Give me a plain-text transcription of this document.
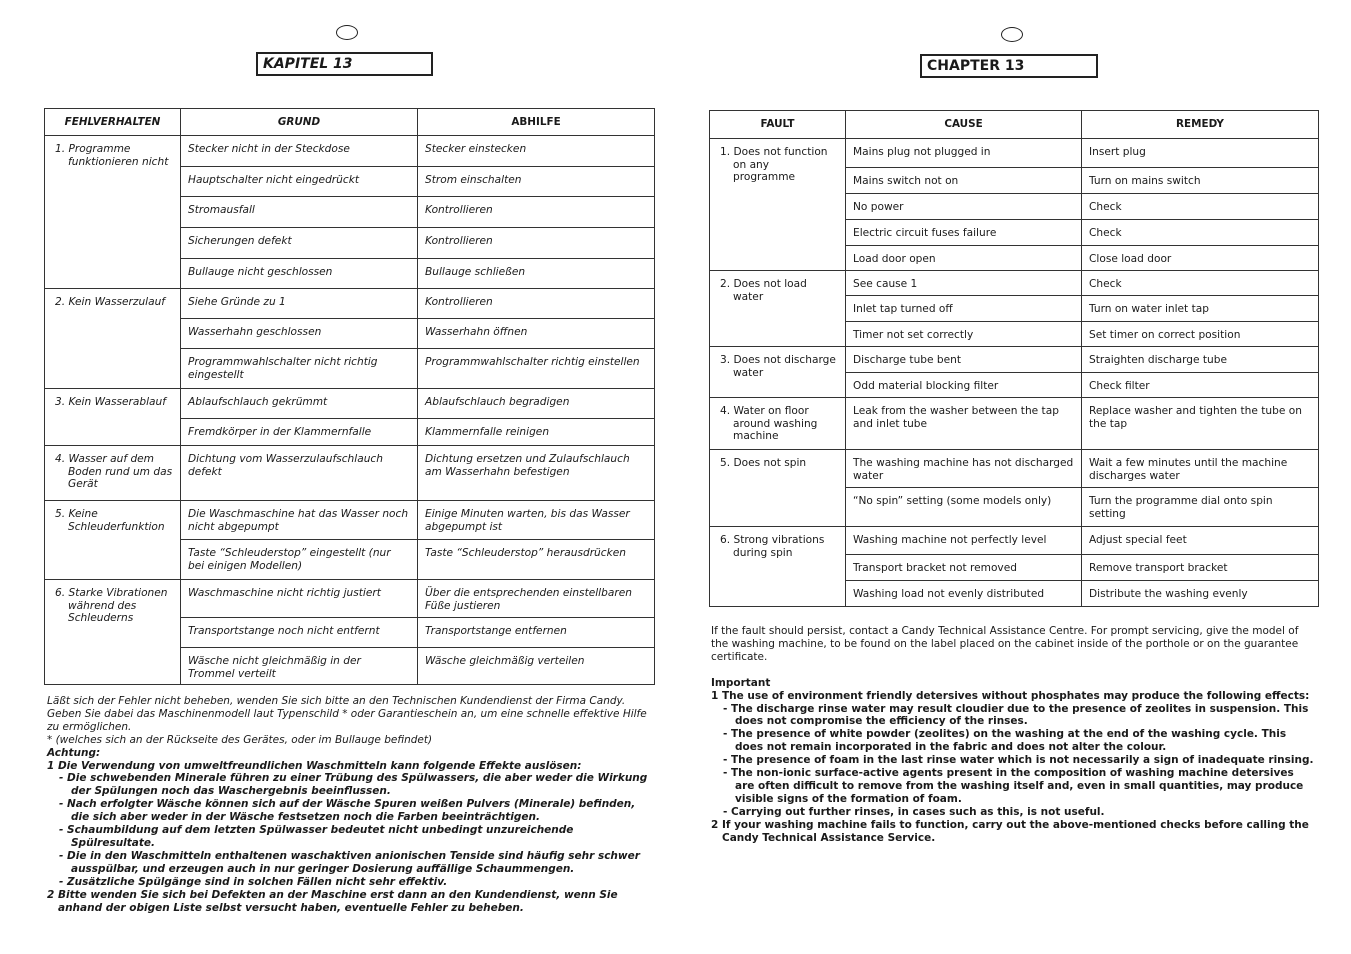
KAPITEL 13
FEHLVERHALTEN	GRUND	ABHILFE

1. Programme funktionieren nicht	Stecker nicht in der Steckdose	Stecker einstecken
	Hauptschalter nicht eingedrückt	Strom einschalten
	Stromausfall	Kontrollieren
	Sicherungen defekt	Kontrollieren
	Bullauge nicht geschlossen	Bullauge schließen

2. Kein Wasserzulauf	Siehe Gründe zu 1	Kontrollieren
	Wasserhahn geschlossen	Wasserhahn öffnen
	Programmwahlschalter nicht richtig eingestellt	Programmwahlschalter richtig einstellen

3. Kein Wasserablauf	Ablaufschlauch gekrümmt	Ablaufschlauch begradigen
	Fremdkörper in der Klammernfalle	Klammernfalle reinigen

4. Wasser auf dem Boden rund um das Gerät	Dichtung vom Wasserzulaufschlauch defekt	Dichtung ersetzen und Zulaufschlauch am Wasserhahn befestigen

5. Keine Schleuderfunktion	Die Waschmaschine hat das Wasser noch nicht abgepumpt	Einige Minuten warten, bis das Wasser abgepumpt ist
	Taste “Schleuderstop” eingestellt (nur bei einigen Modellen)	Taste “Schleuderstop” herausdrücken

6. Starke Vibrationen während des Schleuderns	Waschmaschine nicht richtig justiert	Über die entsprechenden einstellbaren Füße justieren
	Transportstange noch nicht entfernt	Transportstange entfernen
	Wäsche nicht gleichmäßig in der Trommel verteilt	Wäsche gleichmäßig verteilen

Läßt sich der Fehler nicht beheben, wenden Sie sich bitte an den Technischen Kundendienst der Firma Candy. Geben Sie dabei das Maschinenmodell laut Typenschild * oder Garantieschein an, um eine schnelle effektive Hilfe zu ermöglichen.

* (welches sich an der Rückseite des Gerätes, oder im Bullauge befindet)

Achtung:

1 Die Verwendung von umweltfreundlichen Waschmitteln kann folgende Effekte auslösen:

- Die schwebenden Minerale führen zu einer Trübung des Spülwassers, die aber weder die Wirkung der Spülungen noch das Waschergebnis beeinflussen.

- Nach erfolgter Wäsche können sich auf der Wäsche Spuren weißen Pulvers (Minerale) befinden, die sich aber weder in der Wäsche festsetzen noch die Farben beeinträchtigen.

- Schaumbildung auf dem letzten Spülwasser bedeutet nicht unbedingt unzureichende Spülresultate.

- Die in den Waschmitteln enthaltenen waschaktiven anionischen Tenside sind häufig sehr schwer ausspülbar, und erzeugen auch in nur geringer Dosierung auffällige Schaummengen.

- Zusätzliche Spülgänge sind in solchen Fällen nicht sehr effektiv.

2 Bitte wenden Sie sich bei Defekten an der Maschine erst dann an den Kundendienst, wenn Sie anhand der obigen Liste selbst versucht haben, eventuelle Fehler zu beheben.

CHAPTER 13
FAULT	CAUSE	REMEDY

1. Does not function on any programme	Mains plug not plugged in	Insert plug
	Mains switch not on	Turn on mains switch
	No power	Check
	Electric circuit fuses failure	Check
	Load door open	Close load door

2. Does not load water	See cause 1	Check
	Inlet tap turned off	Turn on water inlet tap
	Timer not set correctly	Set timer on correct position

3. Does not discharge water	Discharge tube bent	Straighten discharge tube
	Odd material blocking filter	Check filter

4. Water on floor around washing machine	Leak from the washer between the tap and inlet tube	Replace washer and tighten the tube on the tap

5. Does not spin	The washing machine has not discharged water	Wait a few minutes until the machine discharges water
	“No spin” setting (some models only)	Turn the programme dial onto spin setting

6. Strong vibrations during spin	Washing machine not perfectly level	Adjust special feet
	Transport bracket not removed	Remove transport bracket
	Washing load not evenly distributed	Distribute the washing evenly

If the fault should persist, contact a Candy Technical Assistance Centre. For prompt servicing, give the model of the washing machine, to be found on the label placed on the cabinet inside of the porthole or on the guarantee certificate.

Important

1 The use of environment friendly detersives without phosphates may produce the following effects:

- The discharge rinse water may result cloudier due to the presence of zeolites in suspension. This does not compromise the efficiency of the rinses.

- The presence of white powder (zeolites) on the washing at the end of the washing cycle. This does not remain incorporated in the fabric and does not alter the colour.

- The presence of foam in the last rinse water which is not necessarily a sign of inadequate rinsing.

- The non-ionic surface-active agents present in the composition of washing machine detersives are often difficult to remove from the washing itself and, even in small quantities, may produce visible signs of the formation of foam.

- Carrying out further rinses, in cases such as this, is not useful.

2 If your washing machine fails to function, carry out the above-mentioned checks before calling the Candy Technical Assistance Service.
